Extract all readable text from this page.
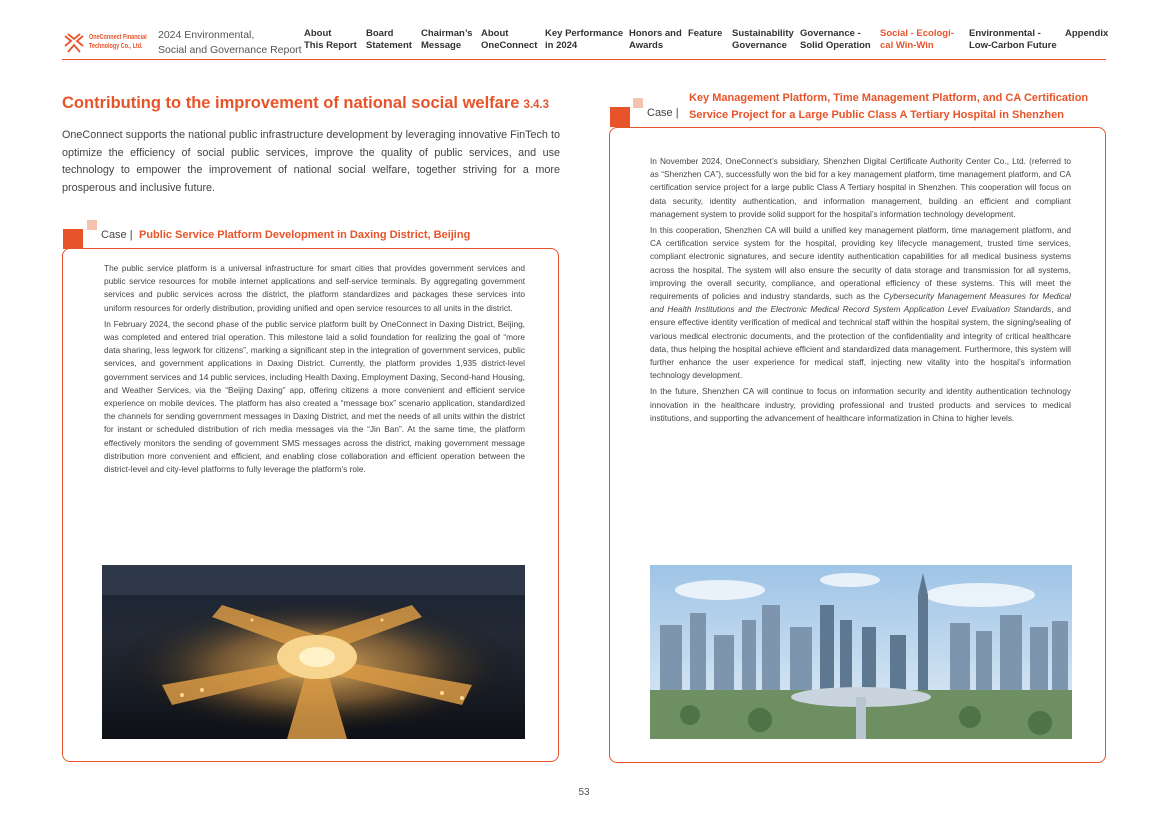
OneConnect Financial
Technology Co., Ltd.
2024 Environmental,
Social and Governance Report
About
This Report
Board
Statement
Chairman’s
Message
About
OneConnect
Key Performance
in 2024
Honors and
Awards
Feature Sustainability
Governance
Governance -
Solid Operation
Social - Ecologi-
cal Win-Win
Environmental -
Low-Carbon Future
Appendix
Contributing to the improvement of national social welfare 3.4.3

OneConnect supports the national public infrastructure development by leveraging innovative FinTech to optimize the efficiency of social public services, improve the quality of public services, and use technology to empower the improvement of national social welfare, together striving for a more prosperous and inclusive future.

Case | Public Service Platform Development in Daxing District, Beijing

The public service platform is a universal infrastructure for smart cities that provides government services and public service resources for mobile internet applications and self-service terminals. By aggregating government services and public services across the district, the platform standardizes and packages these services into uniform resources for orderly distribution, providing unified and open service resources to all units in the district.

In February 2024, the second phase of the public service platform built by OneConnect in Daxing District, Beijing, was completed and entered trial operation. This milestone laid a solid foundation for realizing the goal of “more data sharing, less legwork for citizens”, marking a significant step in the integration of government services, public services, and government applications in Daxing District. Currently, the platform provides 1,935 district-level government services and 14 public services, including Health Daxing, Employment Daxing, Second-hand Housing, and Weather Services, via the “Beijing Daxing” app, offering citizens a more convenient and efficient service experience on mobile devices. The platform has also created a “message box” scenario application, standardized the channels for sending government messages in Daxing District, and met the needs of all units within the district for instant or scheduled distribution of rich media messages via the “Jin Ban”. At the same time, the platform effectively monitors the sending of government SMS messages across the district, making government message distribution more convenient and efficient, and enabling close collaboration and efficient operation between the district-level and city-level platforms to fully leverage the platform’s role.

Case |
Key Management Platform, Time Management Platform, and CA Certification Service Project for a Large Public Class A Tertiary Hospital in Shenzhen

In November 2024, OneConnect’s subsidiary, Shenzhen Digital Certificate Authority Center Co., Ltd. (referred to as “Shenzhen CA”), successfully won the bid for a key management platform, time management platform, and CA certification service project for a large public Class A Tertiary hospital in Shenzhen. This cooperation will focus on data security, identity authentication, and information management, building an efficient and compliant management system to provide solid support for the hospital’s information technology development.

In this cooperation, Shenzhen CA will build a unified key management platform, time management platform, and CA certification service system for the hospital, providing key lifecycle management, trusted time services, compliant electronic signatures, and secure identity authentication capabilities for all medical business systems across the hospital. The system will also ensure the security of data storage and transmission for all systems, improving the overall security, compliance, and operational efficiency of these systems. This will meet the requirements of policies and industry standards, such as the Cybersecurity Management Measures for Medical and Health Institutions and the Electronic Medical Record System Application Level Evaluation Standards, and ensure effective identity verification of medical and technical staff within the hospital system, the signing/sealing of various medical electronic documents, and the protection of the confidentiality and integrity of critical healthcare data, thus helping the hospital achieve efficient and standardized data management. Furthermore, this system will further enhance the user experience for medical staff, injecting new vitality into the hospital’s information technology development.

In the future, Shenzhen CA will continue to focus on information security and identity authentication technology innovation in the healthcare industry, providing professional and trusted products and services to medical institutions, and supporting the advancement of healthcare informatization in China to higher levels.

53
